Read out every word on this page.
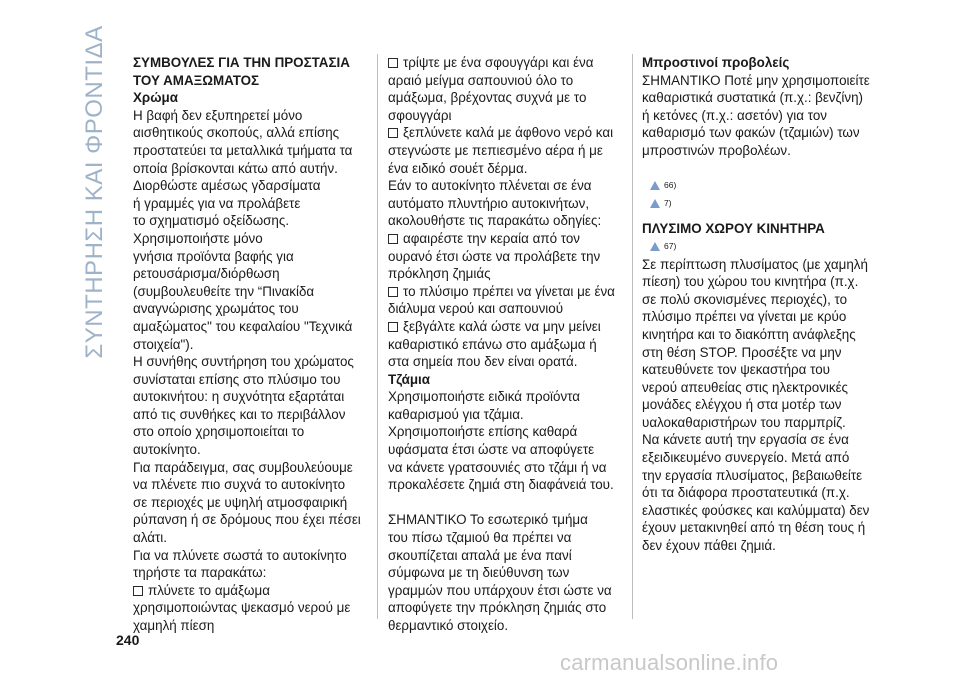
ΣΥΝΤΗΡΗΣΗ ΚΑΙ ΦΡΟΝΤΙΔΑ ΣΥΜΒΟΥΛΕΣ ΓΙΑ ΤΗΝ ΠΡΟΣΤΑΣΙΑ

ΤΟΥ ΑΜΑΞΩΜΑΤΟΣ

Χρώμα

Η βαφή δεν εξυπηρετεί μόνο

αισθητικούς σκοπούς, αλλά επίσης

προστατεύει τα μεταλλικά τμήματα τα

οποία βρίσκονται κάτω από αυτήν.

Διορθώστε αμέσως γδαρσίματα

ή γραμμές για να προλάβετε

το σχηματισμό οξείδωσης.

Χρησιμοποιήστε μόνο

γνήσια προϊόντα βαφής για

ρετουσάρισμα/διόρθωση

(συμβουλευθείτε την “Πινακίδα

αναγνώρισης χρωμάτος του

αμαξώματος" του κεφαλαίου "Τεχνικά

στοιχεία").

Η συνήθης συντήρηση του χρώματος

συνίσταται επίσης στο πλύσιμο του

αυτοκινήτου: η συχνότητα εξαρτάται

από τις συνθήκες και το περιβάλλον

στο οποίο χρησιμοποιείται το

αυτοκίνητο.

Για παράδειγμα, σας συμβουλεύουμε

να πλένετε πιο συχνά το αυτοκίνητο

σε περιοχές με υψηλή ατμοσφαιρική

ρύπανση ή σε δρόμους που έχει πέσει

αλάτι.

Για να πλύνετε σωστά το αυτοκίνητο

τηρήστε τα παρακάτω:

πλύνετε το αμάξωμα

χρησιμοποιώντας ψεκασμό νερού με

χαμηλή πίεση

τρίψτε με ένα σφουγγάρι και ένα

αραιό μείγμα σαπουνιού όλο το

αμάξωμα, βρέχοντας συχνά με το

σφουγγάρι

ξεπλύνετε καλά με άφθονο νερό και

στεγνώστε με πεπιεσμένο αέρα ή με

ένα ειδικό σουέτ δέρμα.

Εάν το αυτοκίνητο πλένεται σε ένα

αυτόματο πλυντήριο αυτοκινήτων,

ακολουθήστε τις παρακάτω οδηγίες:

αφαιρέστε την κεραία από τον

ουρανό έτσι ώστε να προλάβετε την

πρόκληση ζημιάς

το πλύσιμο πρέπει να γίνεται με ένα

διάλυμα νερού και σαπουνιού

ξεβγάλτε καλά ώστε να μην μείνει

καθαριστικό επάνω στο αμάξωμα ή

στα σημεία που δεν είναι ορατά.

Τζάμια

Χρησιμοποιήστε ειδικά προϊόντα

καθαρισμού για τζάμια.

Χρησιμοποιήστε επίσης καθαρά

υφάσματα έτσι ώστε να αποφύγετε

να κάνετε γρατσουνιές στο τζάμι ή να

προκαλέσετε ζημιά στη διαφάνειά του.

ΣΗΜΑΝΤΙΚΟ Το εσωτερικό τμήμα

του πίσω τζαμιού θα πρέπει να

σκουπίζεται απαλά με ένα πανί

σύμφωνα με τη διεύθυνση των

γραμμών που υπάρχουν έτσι ώστε να

αποφύγετε την πρόκληση ζημιάς στο

θερμαντικό στοιχείο.

Μπροστινοί προβολείς

ΣΗΜΑΝΤΙΚΟ Ποτέ μην χρησιμοποιείτε

καθαριστικά συστατικά (π.χ.: βενζίνη)

ή κετόνες (π.χ.: ασετόν) για τον

καθαρισμό των φακών (τζαμιών) των

μπροστινών προβολέων.

66)
7)

ΠΛΥΣΙΜΟ ΧΩΡΟΥ ΚΙΝΗΤΗΡΑ

67)

Σε περίπτωση πλυσίματος (με χαμηλή

πίεση) του χώρου του κινητήρα (π.χ.

σε πολύ σκονισμένες περιοχές), το

πλύσιμο πρέπει να γίνεται με κρύο

κινητήρα και το διακόπτη ανάφλεξης

στη θέση STOP. Προσέξτε να μην

κατευθύνετε τον ψεκαστήρα του

νερού απευθείας στις ηλεκτρονικές

μονάδες ελέγχου ή στα μοτέρ των

υαλοκαθαριστήρων του παρμπρίζ.

Να κάνετε αυτή την εργασία σε ένα

εξειδικευμένο συνεργείο. Μετά από

την εργασία πλυσίματος, βεβαιωθείτε

ότι τα διάφορα προστατευτικά (π.χ.

ελαστικές φούσκες και καλύμματα) δεν

έχουν μετακινηθεί από τη θέση τους ή

δεν έχουν πάθει ζημιά.

240
carmanualsonline.info
